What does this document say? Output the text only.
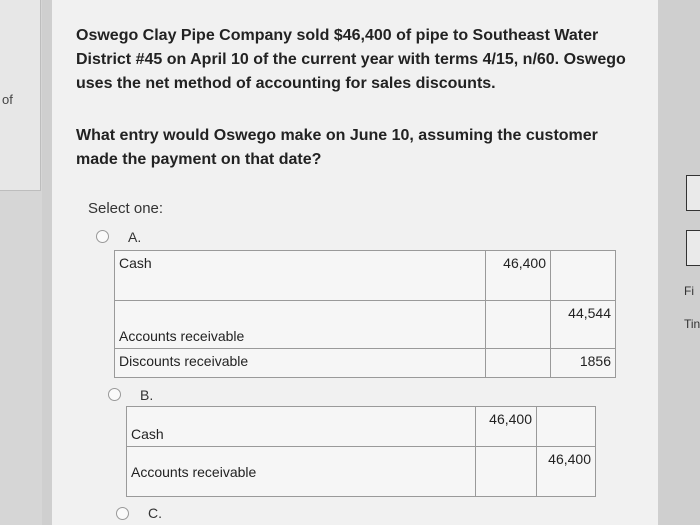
of
Oswego Clay Pipe Company sold $46,400 of pipe to Southeast Water District #45 on April 10 of the current year with terms 4/15, n/60. Oswego uses the net method of accounting for sales discounts.
What entry would Oswego make on June 10, assuming the customer made the payment on that date?
Select one:
A.
Cash	46,400	
Accounts receivable		44,544
Discounts receivable		1856
B.
Cash	46,400	
Accounts receivable		46,400
C.
Fi
Tin
